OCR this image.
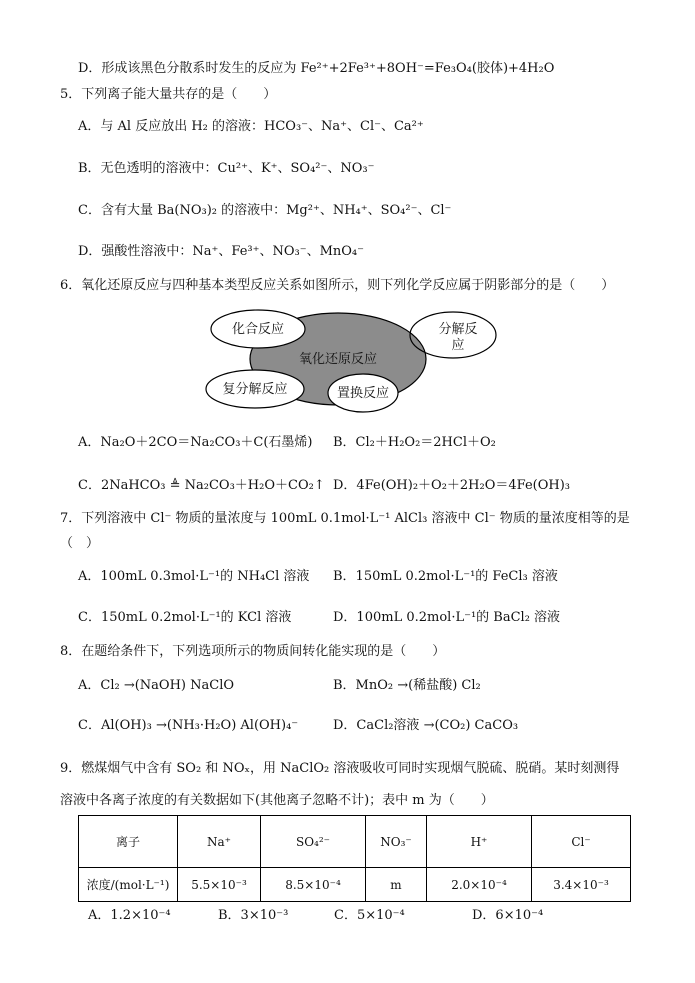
D．形成该黑色分散系时发生的反应为 Fe²⁺+2Fe³⁺+8OH⁻=Fe₃O₄(胶体)+4H₂O
5．下列离子能大量共存的是（　　）
A．与 Al 反应放出 H₂ 的溶液：HCO₃⁻、Na⁺、Cl⁻、Ca²⁺
B．无色透明的溶液中：Cu²⁺、K⁺、SO₄²⁻、NO₃⁻
C．含有大量 Ba(NO₃)₂ 的溶液中：Mg²⁺、NH₄⁺、SO₄²⁻、Cl⁻
D．强酸性溶液中：Na⁺、Fe³⁺、NO₃⁻、MnO₄⁻
6．氧化还原反应与四种基本类型反应关系如图所示，则下列化学反应属于阴影部分的是（　　）
氧化还原反应
化合反应
复分解反应
分解反
应
置换反应
A．Na₂O＋2CO＝Na₂CO₃＋C(石墨烯) B．Cl₂＋H₂O₂＝2HCl＋O₂
C．2NaHCO₃ ≜ Na₂CO₃＋H₂O＋CO₂↑ D．4Fe(OH)₂＋O₂＋2H₂O＝4Fe(OH)₃
7．下列溶液中 Cl⁻ 物质的量浓度与 100mL 0.1mol·L⁻¹ AlCl₃ 溶液中 Cl⁻ 物质的量浓度相等的是
（　）
A．100mL 0.3mol·L⁻¹的 NH₄Cl 溶液 B．150mL 0.2mol·L⁻¹的 FeCl₃ 溶液
C．150mL 0.2mol·L⁻¹的 KCl 溶液	D．100mL 0.2mol·L⁻¹的 BaCl₂ 溶液
8．在题给条件下，下列选项所示的物质间转化能实现的是（　　）
A．Cl₂ →(NaOH) NaClO	B．MnO₂ →(稀盐酸) Cl₂
C．Al(OH)₃ →(NH₃·H₂O) Al(OH)₄⁻	D．CaCl₂溶液 →(CO₂) CaCO₃
9．燃煤烟气中含有 SO₂ 和 NOₓ，用 NaClO₂ 溶液吸收可同时实现烟气脱硫、脱硝。某时刻测得
溶液中各离子浓度的有关数据如下(其他离子忽略不计)；表中 m 为（　　）
离子	Na⁺	SO₄²⁻	NO₃⁻	H⁺	Cl⁻
浓度/(mol·L⁻¹)	5.5×10⁻³	8.5×10⁻⁴	m	2.0×10⁻⁴	3.4×10⁻³
A．1.2×10⁻⁴	B．3×10⁻³	C．5×10⁻⁴	D．6×10⁻⁴
